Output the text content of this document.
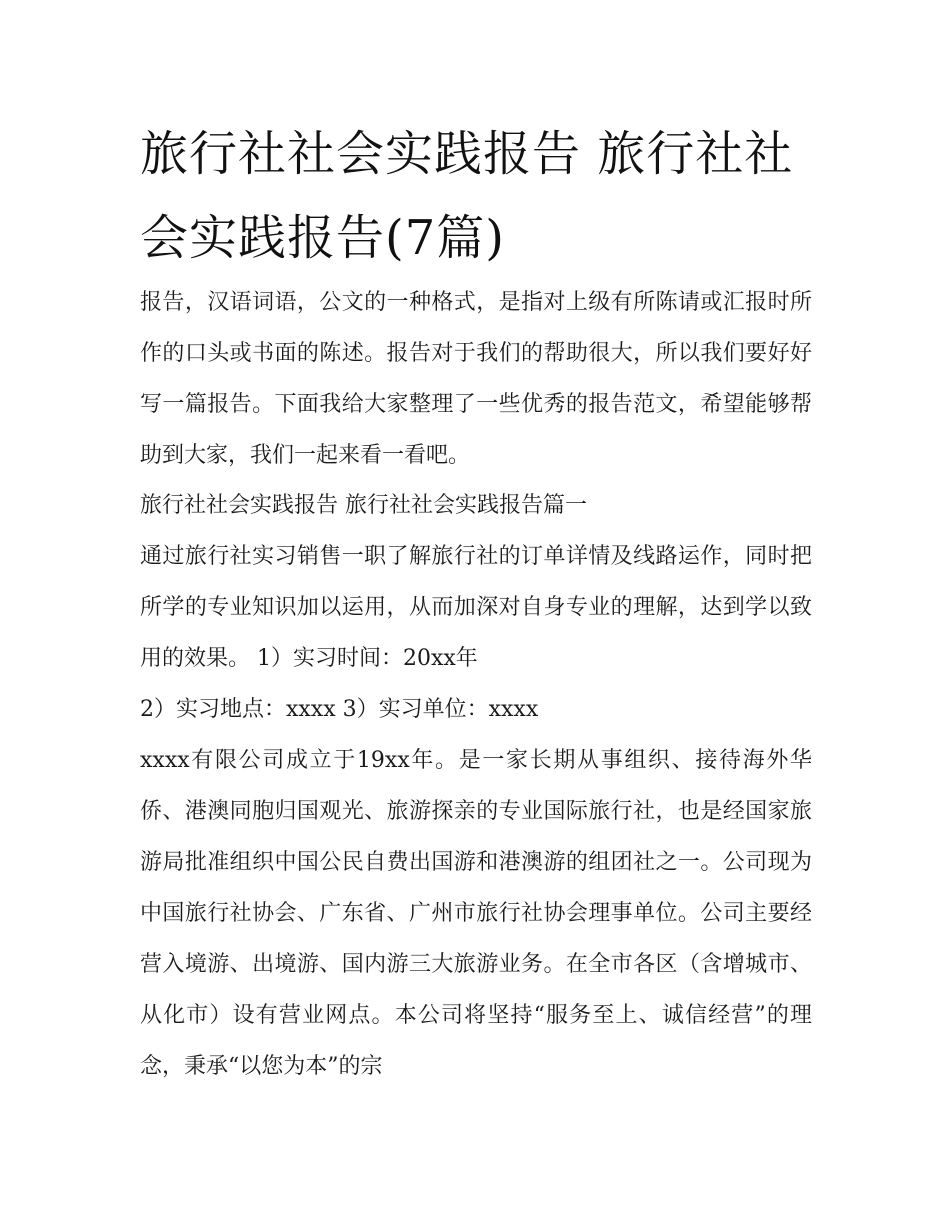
旅行社社会实践报告 旅行社社会实践报告(7篇)

报告，汉语词语，公文的一种格式，是指对上级有所陈请或汇报时所作的口头或书面的陈述。报告对于我们的帮助很大，所以我们要好好写一篇报告。下面我给大家整理了一些优秀的报告范文，希望能够帮助到大家，我们一起来看一看吧。

旅行社社会实践报告 旅行社社会实践报告篇一

通过旅行社实习销售一职了解旅行社的订单详情及线路运作，同时把所学的专业知识加以运用，从而加深对自身专业的理解，达到学以致用的效果。 1）实习时间：20xx年

2）实习地点：xxxx 3）实习单位：xxxx

xxxx有限公司成立于19xx年。是一家长期从事组织、接待海外华侨、港澳同胞归国观光、旅游探亲的专业国际旅行社，也是经国家旅游局批准组织中国公民自费出国游和港澳游的组团社之一。公司现为中国旅行社协会、广东省、广州市旅行社协会理事单位。公司主要经营入境游、出境游、国内游三大旅游业务。在全市各区（含增城市、从化市）设有营业网点。本公司将坚持“服务至上、诚信经营”的理念，秉承“以您为本”的宗
